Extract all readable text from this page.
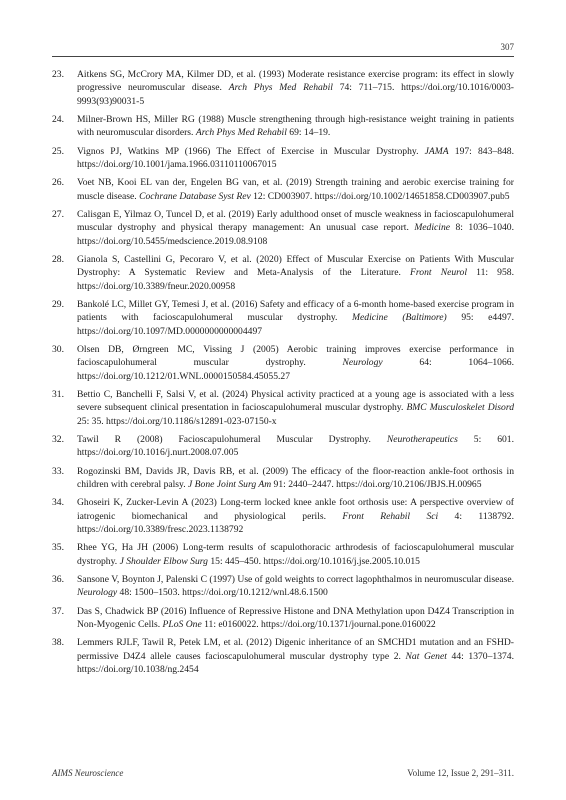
307
23.	Aitkens SG, McCrory MA, Kilmer DD, et al. (1993) Moderate resistance exercise program: its effect in slowly progressive neuromuscular disease. Arch Phys Med Rehabil 74: 711–715. https://doi.org/10.1016/0003-9993(93)90031-5
24.	Milner-Brown HS, Miller RG (1988) Muscle strengthening through high-resistance weight training in patients with neuromuscular disorders. Arch Phys Med Rehabil 69: 14–19.
25.	Vignos PJ, Watkins MP (1966) The Effect of Exercise in Muscular Dystrophy. JAMA 197: 843–848. https://doi.org/10.1001/jama.1966.03110110067015
26.	Voet NB, Kooi EL van der, Engelen BG van, et al. (2019) Strength training and aerobic exercise training for muscle disease. Cochrane Database Syst Rev 12: CD003907. https://doi.org/10.1002/14651858.CD003907.pub5
27.	Calisgan E, Yilmaz O, Tuncel D, et al. (2019) Early adulthood onset of muscle weakness in facioscapulohumeral muscular dystrophy and physical therapy management: An unusual case report. Medicine 8: 1036–1040. https://doi.org/10.5455/medscience.2019.08.9108
28.	Gianola S, Castellini G, Pecoraro V, et al. (2020) Effect of Muscular Exercise on Patients With Muscular Dystrophy: A Systematic Review and Meta-Analysis of the Literature. Front Neurol 11: 958. https://doi.org/10.3389/fneur.2020.00958
29.	Bankolé LC, Millet GY, Temesi J, et al. (2016) Safety and efficacy of a 6-month home-based exercise program in patients with facioscapulohumeral muscular dystrophy. Medicine (Baltimore) 95: e4497. https://doi.org/10.1097/MD.0000000000004497
30.	Olsen DB, Ørngreen MC, Vissing J (2005) Aerobic training improves exercise performance in facioscapulohumeral muscular dystrophy. Neurology 64: 1064–1066. https://doi.org/10.1212/01.WNL.0000150584.45055.27
31.	Bettio C, Banchelli F, Salsi V, et al. (2024) Physical activity practiced at a young age is associated with a less severe subsequent clinical presentation in facioscapulohumeral muscular dystrophy. BMC Musculoskelet Disord 25: 35. https://doi.org/10.1186/s12891-023-07150-x
32.	Tawil R (2008) Facioscapulohumeral Muscular Dystrophy. Neurotherapeutics 5: 601. https://doi.org/10.1016/j.nurt.2008.07.005
33.	Rogozinski BM, Davids JR, Davis RB, et al. (2009) The efficacy of the floor-reaction ankle-foot orthosis in children with cerebral palsy. J Bone Joint Surg Am 91: 2440–2447. https://doi.org/10.2106/JBJS.H.00965
34.	Ghoseiri K, Zucker-Levin A (2023) Long-term locked knee ankle foot orthosis use: A perspective overview of iatrogenic biomechanical and physiological perils. Front Rehabil Sci 4: 1138792. https://doi.org/10.3389/fresc.2023.1138792
35.	Rhee YG, Ha JH (2006) Long-term results of scapulothoracic arthrodesis of facioscapulohumeral muscular dystrophy. J Shoulder Elbow Surg 15: 445–450. https://doi.org/10.1016/j.jse.2005.10.015
36.	Sansone V, Boynton J, Palenski C (1997) Use of gold weights to correct lagophthalmos in neuromuscular disease. Neurology 48: 1500–1503. https://doi.org/10.1212/wnl.48.6.1500
37.	Das S, Chadwick BP (2016) Influence of Repressive Histone and DNA Methylation upon D4Z4 Transcription in Non-Myogenic Cells. PLoS One 11: e0160022. https://doi.org/10.1371/journal.pone.0160022
38.	Lemmers RJLF, Tawil R, Petek LM, et al. (2012) Digenic inheritance of an SMCHD1 mutation and an FSHD-permissive D4Z4 allele causes facioscapulohumeral muscular dystrophy type 2. Nat Genet 44: 1370–1374. https://doi.org/10.1038/ng.2454
AIMS Neuroscience	Volume 12, Issue 2, 291–311.
